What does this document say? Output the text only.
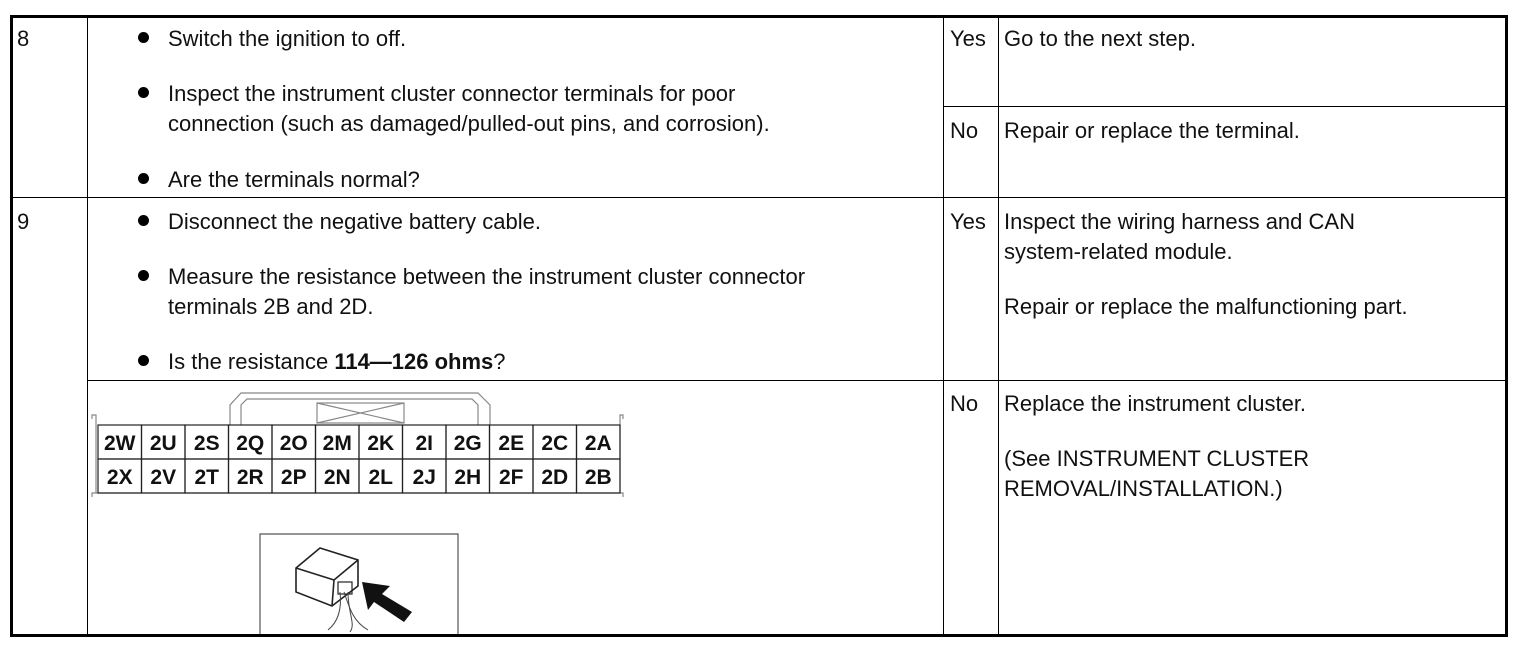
8	Switch the ignition to off.
Inspect the instrument cluster connector terminals for poor
connection (such as damaged/pulled-out pins, and corrosion).
Are the terminals normal?
Yes Go to the next step.
No Repair or replace the terminal.
9	Disconnect the negative battery cable.
Measure the resistance between the instrument cluster connector
terminals 2B and 2D.
Is the resistance 114—126 ohms?
Yes Inspect the wiring harness and CAN
system-related module.
Repair or replace the malfunctioning part.
No Replace the instrument cluster.
(See INSTRUMENT CLUSTER
REMOVAL/INSTALLATION.)
2W 2U 2S 2Q 2O 2M 2K 2I 2G 2E 2C 2A
2X 2V 2T 2R 2P 2N 2L 2J 2H 2F 2D 2B
